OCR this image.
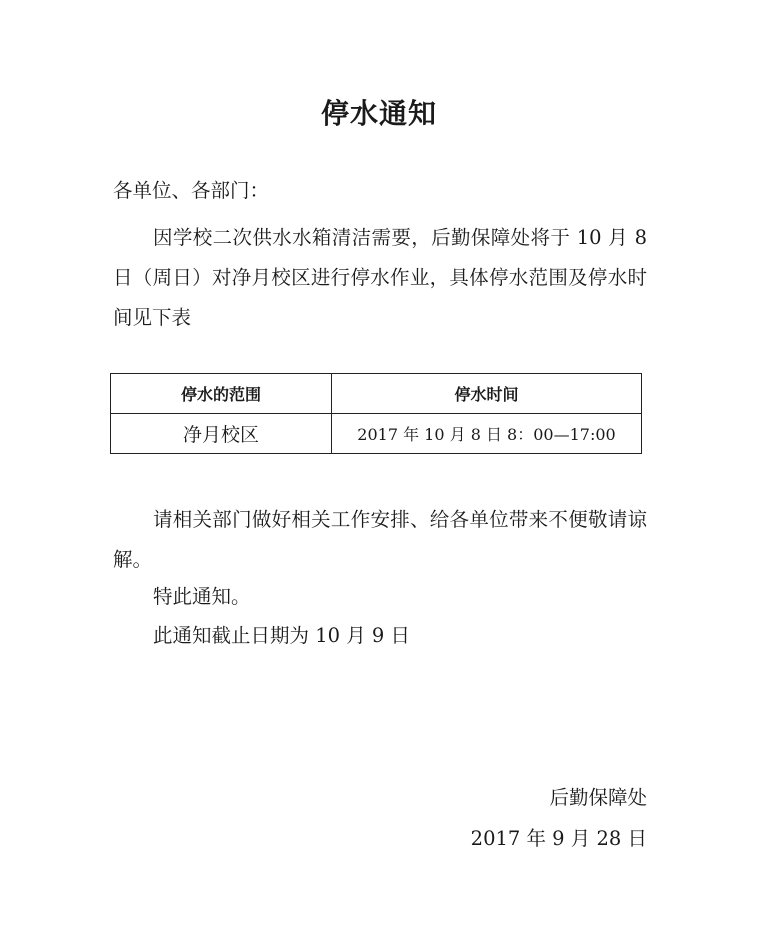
停水通知
各单位、各部门：
因学校二次供水水箱清洁需要，后勤保障处将于 10 月 8 日（周日）对净月校区进行停水作业，具体停水范围及停水时间见下表
停水的范围	停水时间
净月校区	2017 年 10 月 8 日 8：00—17:00
请相关部门做好相关工作安排、给各单位带来不便敬请谅解。
特此通知。
此通知截止日期为 10 月 9 日
后勤保障处
2017 年 9 月 28 日
